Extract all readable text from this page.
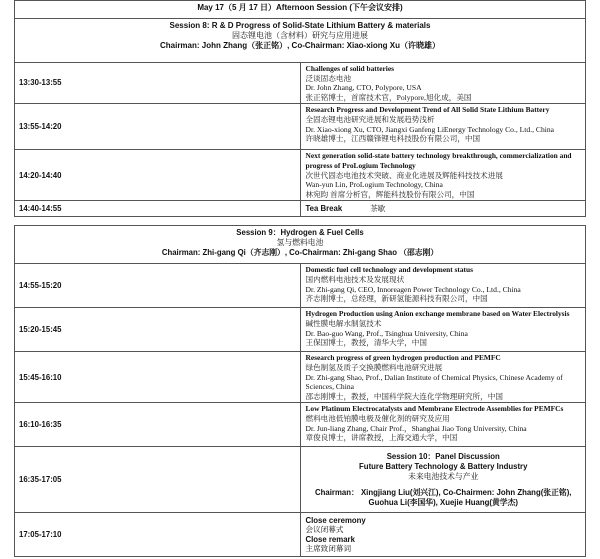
May 17（5 月 17 日）Afternoon Session (下午会议安排)	

Session 8: R & D Progress of Solid-State Lithium Battery & materials
固态锂电池（含材料）研究与应用进展
Chairman: John Zhang（张正铭）, Co-Chairman: Xiao-xiong Xu（许晓雄）	

13:30-13:55	Challenges of solid batteries
泛谈固态电池
Dr. John Zhang, CTO, Polypore, USA
张正铭博士，首席技术官，Polypore,旭化成，美国

13:55-14:20	Research Progress and Development Trend of All Solid State Lithium Battery
全固态锂电池研究进展和发展趋势浅析
Dr. Xiao-xiong Xu, CTO, Jiangxi Ganfeng LiEnergy Technology Co., Ltd., China
许晓雄博士，江西赣锋锂电科技股份有限公司，中国

14:20-14:40	Next generation solid-state battery technology breakthrough, commercialization and progress of ProLogium Technology
次世代固态电池技术突破、商业化进展及辉能科技技术进展
Wan-yun Lin, ProLogium Technology, China
林宛昀 首席分析官，辉能科技股份有限公司，中国

14:40-14:55	Tea Break 茶歇
Session 9：Hydrogen & Fuel Cells
氢与燃料电池
Chairman: Zhi-gang Qi（齐志刚）, Co-Chairman: Zhi-gang Shao （邵志刚）	

14:55-15:20	Domestic fuel cell technology and development status
国内燃料电池技术及发展现状
Dr. Zhi-gang Qi, CEO, Innoreagen Power Technology Co., Ltd., China
齐志刚博士，总经理，新研氢能源科技有限公司，中国

15:20-15:45	Hydrogen Production using Anion exchange membrane based on Water Electrolysis
碱性膜电解水制氢技术
Dr. Bao-guo Wang, Prof., Tsinghua University, China
王保国博士，教授，清华大学，中国

15:45-16:10	Research progress of green hydrogen production and PEMFC
绿色制氢及质子交换膜燃料电池研究进展
Dr. Zhi-gang Shao, Prof., Dalian Institute of Chemical Physics, Chinese Academy of Sciences, China
邵志刚博士，教授，中国科学院大连化学物理研究所，中国

16:10-16:35	Low Platinum Electrocatalysts and Membrane Electrode Assemblies for PEMFCs
燃料电池低铂膜电极及催化剂的研究及应用
Dr. Jun-liang Zhang, Chair Prof.，Shanghai Jiao Tong University, China
章俊良博士，讲席教授，上海交通大学，中国

16:35-17:05	Session 10：Panel Discussion
Future Battery Technology & Battery Industry
未来电池技术与产业
Chairman： Xingjiang Liu(刘兴江), Co-Chairmen: John Zhang(张正铭), Guohua Li(李国华), Xuejie Huang(黄学杰)

17:05-17:10	Close ceremony
会议闭幕式
Close remark
主席致闭幕词
